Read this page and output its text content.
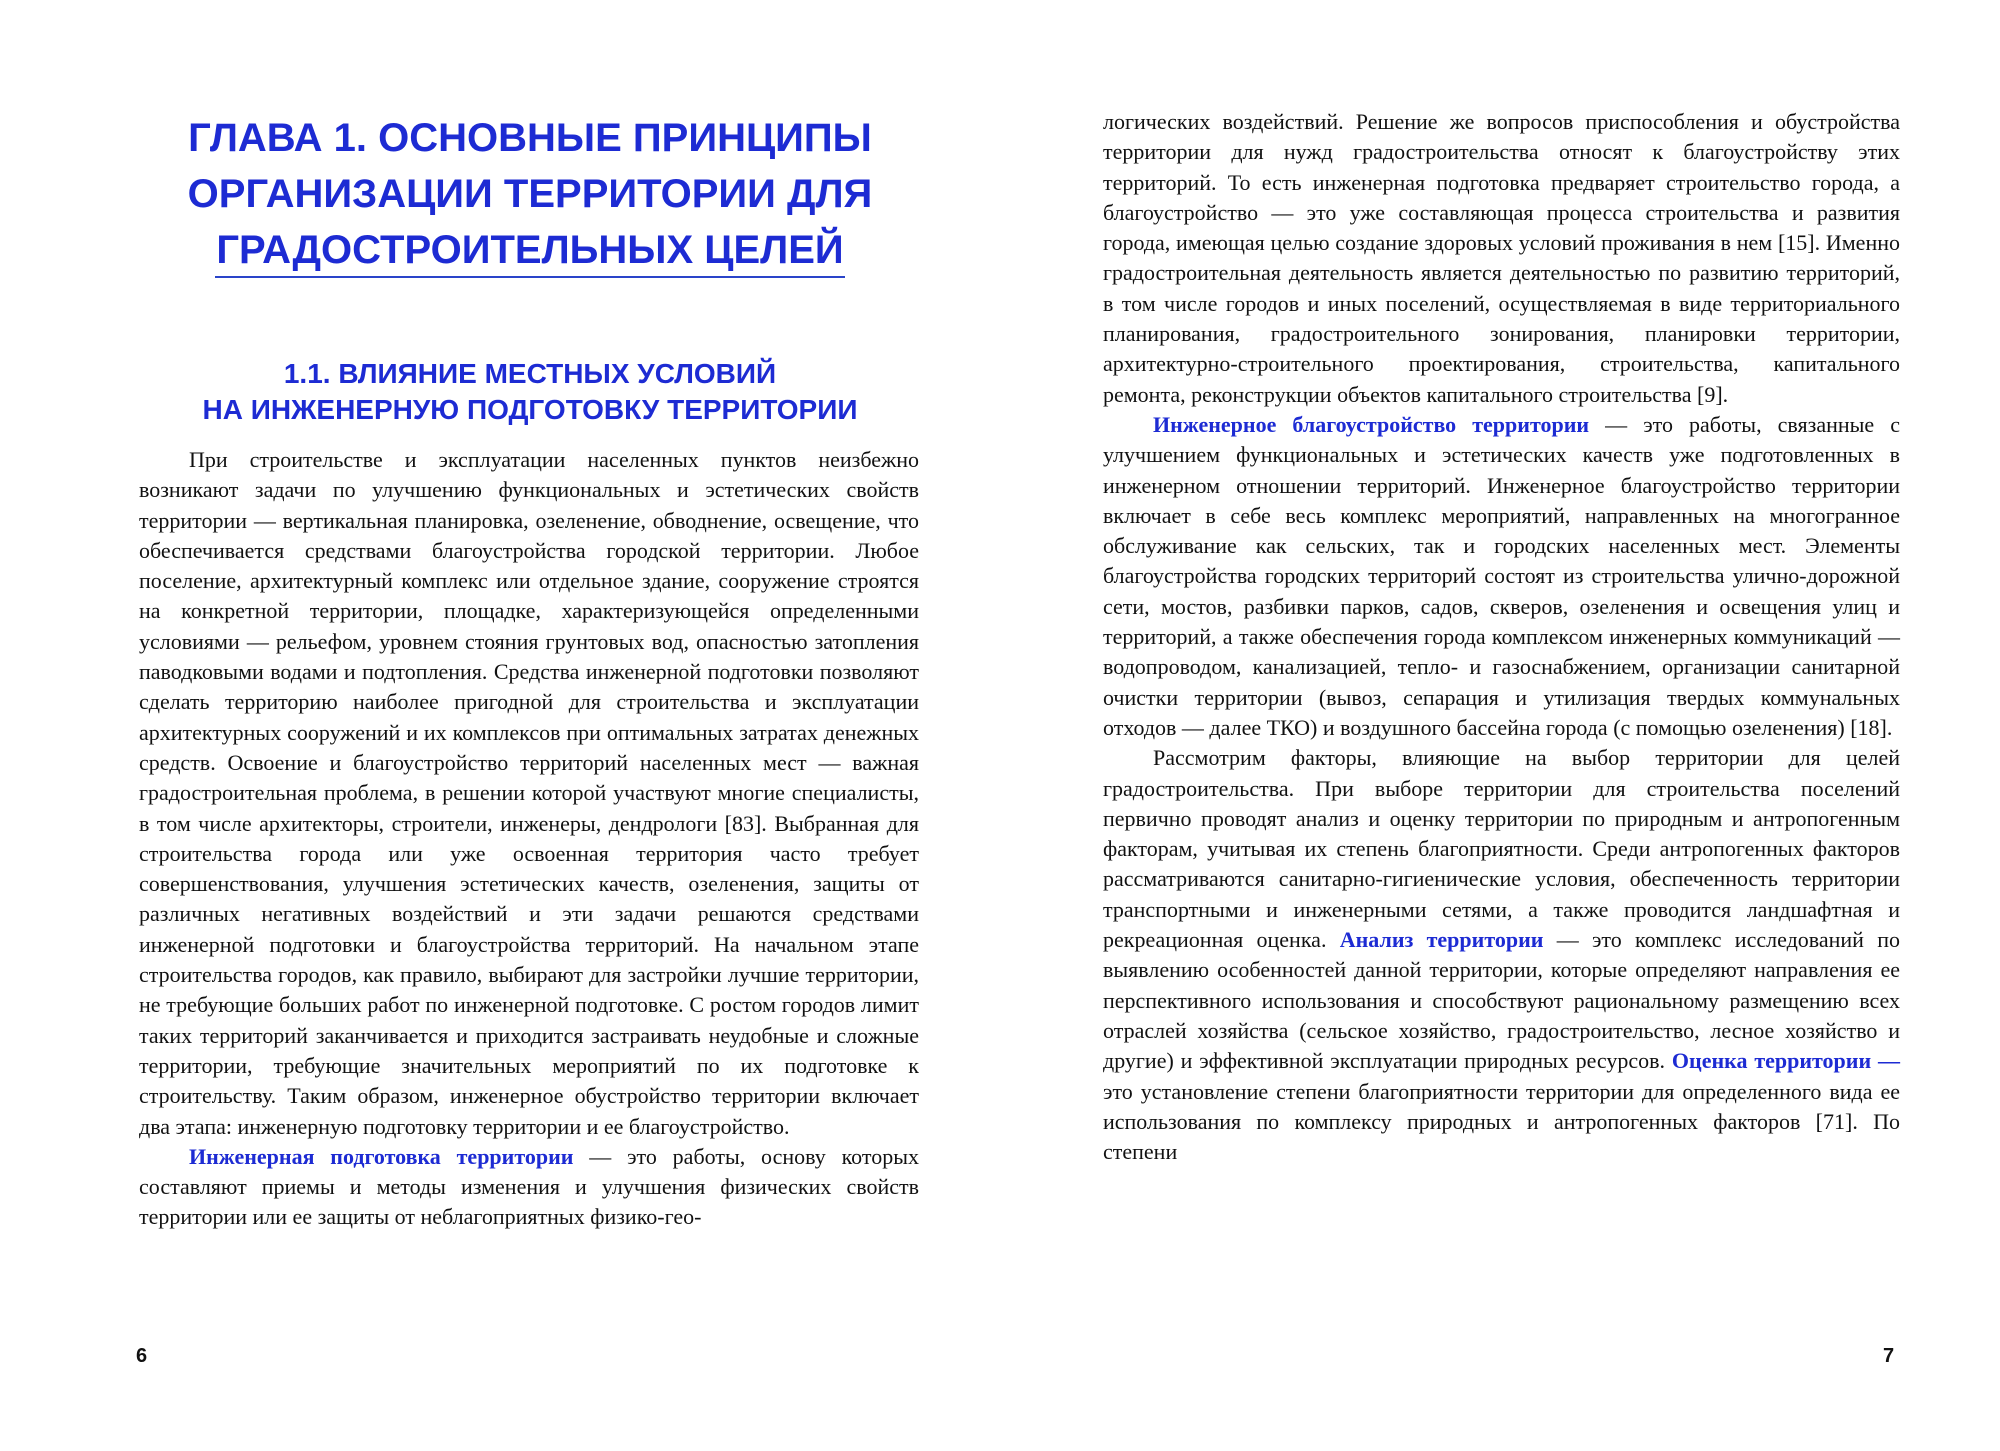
ГЛАВА 1. ОСНОВНЫЕ ПРИНЦИПЫ ОРГАНИЗАЦИИ ТЕРРИТОРИИ ДЛЯ ГРАДОСТРОИТЕЛЬНЫХ ЦЕЛЕЙ
1.1. ВЛИЯНИЕ МЕСТНЫХ УСЛОВИЙ
НА ИНЖЕНЕРНУЮ ПОДГОТОВКУ ТЕРРИТОРИИ

При строительстве и эксплуатации населенных пунктов неизбежно возникают задачи по улучшению функциональных и эстетических свойств территории — вертикальная планировка, озеленение, обводнение, освещение, что обеспечивается средствами благоустройства городской территории. Любое поселение, архитектурный комплекс или отдельное здание, сооружение строятся на конкретной территории, площадке, характеризующейся определенными условиями — рельефом, уровнем стояния грунтовых вод, опасностью затопления паводковыми водами и подтопления. Средства инженерной подготовки позволяют сделать территорию наиболее пригодной для строительства и эксплуатации архитектурных сооружений и их комплексов при оптимальных затратах денежных средств. Освоение и благоустройство территорий населенных мест — важная градостроительная проблема, в решении которой участвуют многие специалисты, в том числе архитекторы, строители, инженеры, дендрологи [83]. Выбранная для строительства города или уже освоенная территория часто требует совершенствования, улучшения эстетических качеств, озеленения, защиты от различных негативных воздействий и эти задачи решаются средствами инженерной подготовки и благоустройства территорий. На начальном этапе строительства городов, как правило, выбирают для застройки лучшие территории, не требующие больших работ по инженерной подготовке. С ростом городов лимит таких территорий заканчивается и приходится застраивать неудобные и сложные территории, требующие значительных мероприятий по их подготовке к строительству. Таким образом, инженерное обустройство территории включает два этапа: инженерную подготовку территории и ее благоустройство.

Инженерная подготовка территории — это работы, основу которых составляют приемы и методы изменения и улучшения физических свойств территории или ее защиты от неблагоприятных физико-гео-

6

логических воздействий. Решение же вопросов приспособления и обустройства территории для нужд градостроительства относят к благоустройству этих территорий. То есть инженерная подготовка предваряет строительство города, а благоустройство — это уже составляющая процесса строительства и развития города, имеющая целью создание здоровых условий проживания в нем [15]. Именно градостроительная деятельность является деятельностью по развитию территорий, в том числе городов и иных поселений, осуществляемая в виде территориального планирования, градостроительного зонирования, планировки территории, архитектурно-строительного проектирования, строительства, капитального ремонта, реконструкции объектов капитального строительства [9].

Инженерное благоустройство территории — это работы, связанные с улучшением функциональных и эстетических качеств уже подготовленных в инженерном отношении территорий. Инженерное благоустройство территории включает в себе весь комплекс мероприятий, направленных на многогранное обслуживание как сельских, так и городских населенных мест. Элементы благоустройства городских территорий состоят из строительства улично-дорожной сети, мостов, разбивки парков, садов, скверов, озеленения и освещения улиц и территорий, а также обеспечения города комплексом инженерных коммуникаций — водопроводом, канализацией, тепло- и газоснабжением, организации санитарной очистки территории (вывоз, сепарация и утилизация твердых коммунальных отходов — далее ТКО) и воздушного бассейна города (с помощью озеленения) [18].

Рассмотрим факторы, влияющие на выбор территории для целей градостроительства. При выборе территории для строительства поселений первично проводят анализ и оценку территории по природным и антропогенным факторам, учитывая их степень благоприятности. Среди антропогенных факторов рассматриваются санитарно-гигиенические условия, обеспеченность территории транспортными и инженерными сетями, а также проводится ландшафтная и рекреационная оценка. Анализ территории — это комплекс исследований по выявлению особенностей данной территории, которые определяют направления ее перспективного использования и способствуют рациональному размещению всех отраслей хозяйства (сельское хозяйство, градостроительство, лесное хозяйство и другие) и эффективной эксплуатации природных ресурсов. Оценка территории — это установление степени благоприятности территории для определенного вида ее использования по комплексу природных и антропогенных факторов [71]. По степени

7
